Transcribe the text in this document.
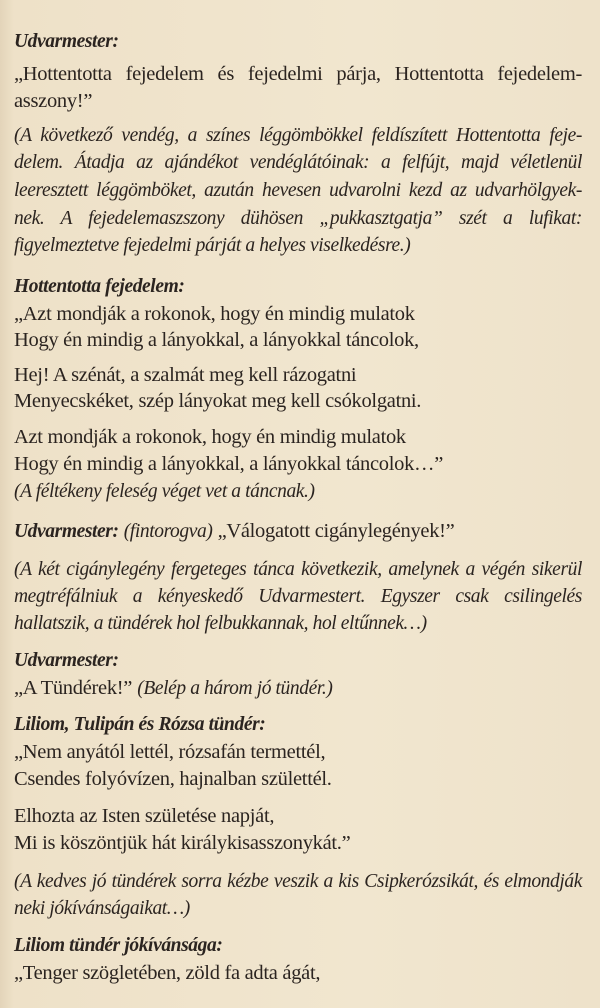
Udvarmester:
„Hottentotta fejedelem és fejedelmi párja, Hottentotta fejedelem-
asszony!”
(A következő vendég, a színes léggömbökkel feldíszített Hottentotta feje-
delem. Átadja az ajándékot vendéglátóinak: a felfújt, majd véletlenül
leeresztett léggömböket, azután hevesen udvarolni kezd az udvarhölgyek-
nek. A fejedelemaszszony dühösen „pukkasztgatja” szét a lufikat:
figyelmeztetve fejedelmi párját a helyes viselkedésre.)
Hottentotta fejedelem:
„Azt mondják a rokonok, hogy én mindig mulatok
Hogy én mindig a lányokkal, a lányokkal táncolok,
Hej! A szénát, a szalmát meg kell rázogatni
Menyecskéket, szép lányokat meg kell csókolgatni.
Azt mondják a rokonok, hogy én mindig mulatok
Hogy én mindig a lányokkal, a lányokkal táncolok…”
(A féltékeny feleség véget vet a táncnak.)
Udvarmester: (fintorogva) „Válogatott cigánylegények!”
(A két cigánylegény fergeteges tánca következik, amelynek a végén sikerül
megtréfálniuk a kényeskedő Udvarmestert. Egyszer csak csilingelés
hallatszik, a tündérek hol felbukkannak, hol eltűnnek…)
Udvarmester:
„A Tündérek!” (Belép a három jó tündér.)
Liliom, Tulipán és Rózsa tündér:
„Nem anyától lettél, rózsafán termettél,
Csendes folyóvízen, hajnalban születtél.
Elhozta az Isten születése napját,
Mi is köszöntjük hát királykisasszonykát.”
(A kedves jó tündérek sorra kézbe veszik a kis Csipkerózsikát, és elmondják
neki jókívánságaikat…)
Liliom tündér jókívánsága:
„Tenger szögletében, zöld fa adta ágát,
